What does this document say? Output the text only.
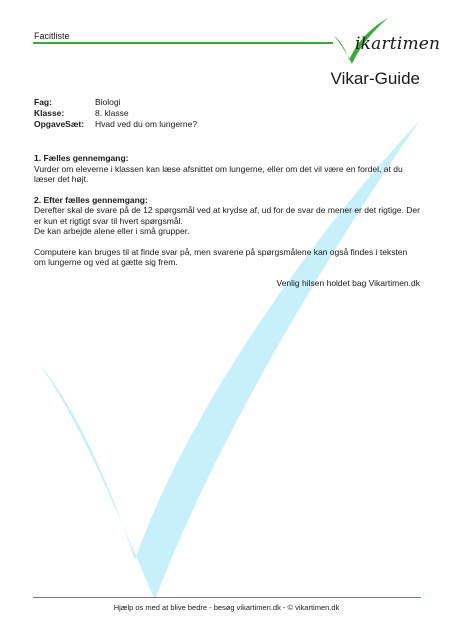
Facitliste	ikartimen
Vikar-Guide
Fag:	Biologi
Klasse:	8. klasse
OpgaveSæt:	Hvad ved du om lungerne?

1. Fælles gennemgang:

Vurder om eleverne i klassen kan læse afsnittet om lungerne, eller om det vil være en fordel, at du læser det højt.

2. Efter fælles gennemgang:

Derefter skal de svare på de 12 spørgsmål ved at krydse af, ud for de svar de mener er det rigtige. Der er kun et rigtigt svar til hvert spørgsmål.

De kan arbejde alene eller i små grupper.

Computere kan bruges til at finde svar på, men svarene på spørgsmålene kan også findes i teksten om lungerne og ved at gætte sig frem.

Venlig hilsen holdet bag Vikartimen.dk

Hjælp os med at blive bedre - besøg vikartimen.dk - © vikartimen.dk
